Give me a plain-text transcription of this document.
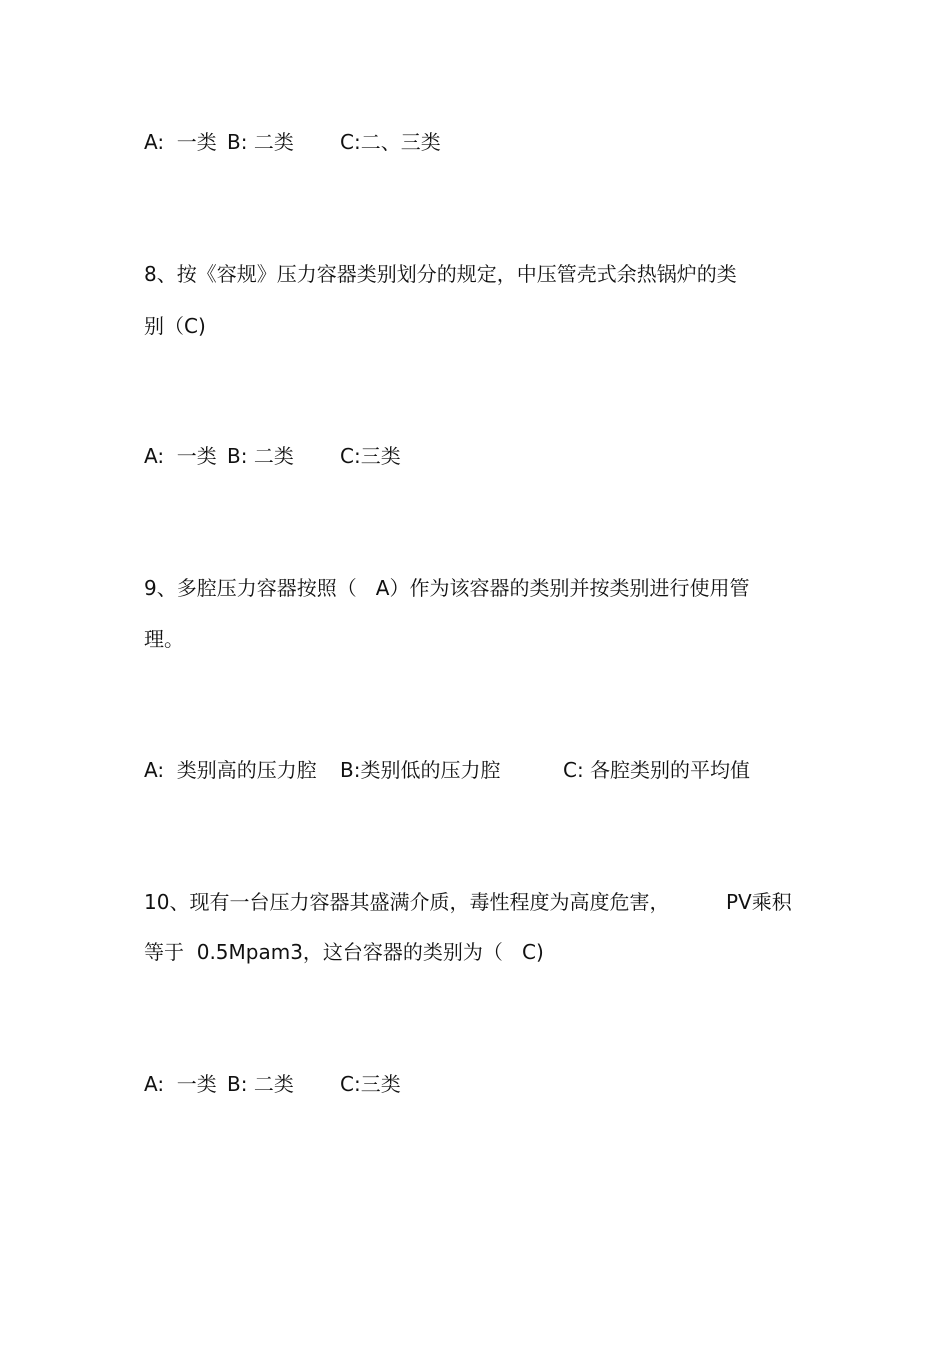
A:  一类 B: 二类 C:二、三类
8、按《容规》压力容器类别划分的规定，中压管壳式余热锅炉的类
别（C)
A:  一类 B: 二类 C:三类
9、多腔压力容器按照（   A）作为该容器的类别并按类别进行使用管
理。
A:  类别高的压力腔 B:类别低的压力腔	C: 各腔类别的平均值
10、现有一台压力容器其盛满介质，毒性程度为高度危害，	PV乘积
等于  0.5Mpam3，这台容器的类别为（   C)
A:  一类 B: 二类 C:三类
